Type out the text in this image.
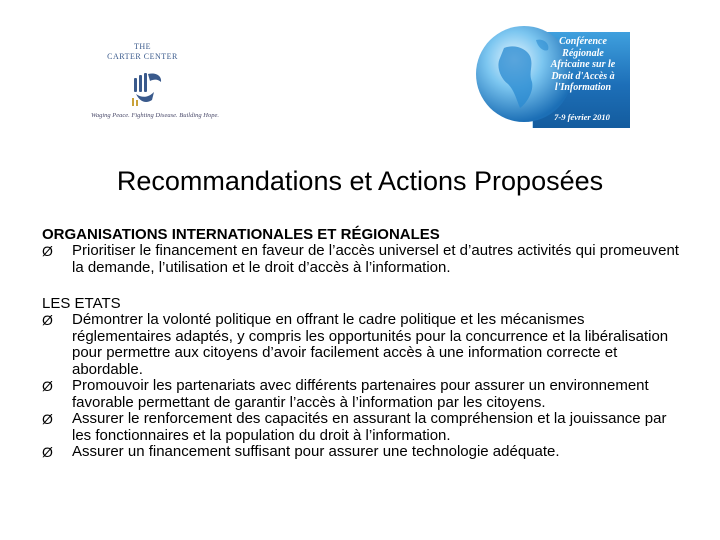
THE
CARTER CENTER
Waging Peace. Fighting Disease. Building Hope.
Conférence Régionale
Africaine sur le
Droit d'Accès à
l'Information
7-9 février 2010
Recommandations et Actions Proposées
ORGANISATIONS INTERNATIONALES ET RÉGIONALES
Ø Prioritiser le financement en faveur de l’accès universel et d’autres activités qui promeuvent la demande, l’utilisation et le droit d’accès à l’information.
LES ETATS
Ø Démontrer la volonté politique en offrant le cadre politique et les mécanismes réglementaires adaptés, y compris les opportunités pour la concurrence et la libéralisation pour permettre aux citoyens d’avoir facilement accès à une information correcte et abordable.
Ø Promouvoir les partenariats avec différents partenaires pour assurer un environnement favorable permettant de garantir l’accès à l’information par les citoyens.
Ø Assurer le renforcement des capacités en assurant la compréhension et la jouissance par les fonctionnaires et la population du droit à l’information.
Ø Assurer un financement suffisant pour assurer une technologie adéquate.
